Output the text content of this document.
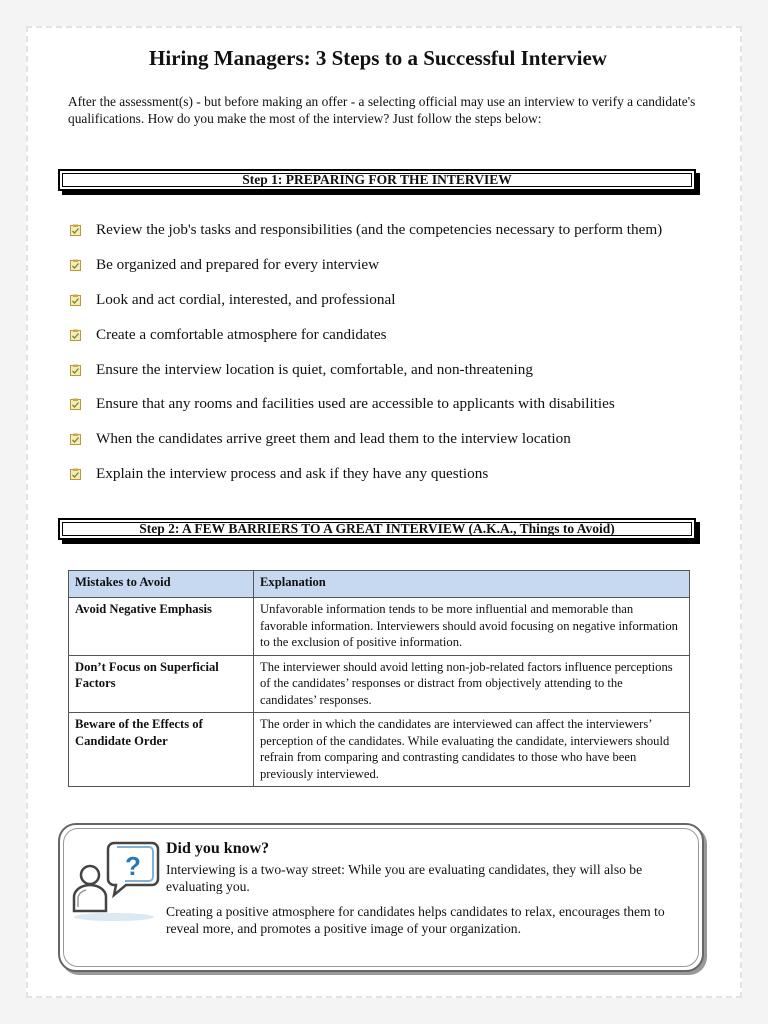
Hiring Managers: 3 Steps to a Successful Interview
After the assessment(s) - but before making an offer - a selecting official may use an interview to verify a candidate's qualifications. How do you make the most of the interview? Just follow the steps below:
Step 1: PREPARING FOR THE INTERVIEW
Review the job's tasks and responsibilities (and the competencies necessary to perform them)
Be organized and prepared for every interview
Look and act cordial, interested, and professional
Create a comfortable atmosphere for candidates
Ensure the interview location is quiet, comfortable, and non-threatening
Ensure that any rooms and facilities used are accessible to applicants with disabilities
When the candidates arrive greet them and lead them to the interview location
Explain the interview process and ask if they have any questions
Step 2: A FEW BARRIERS TO A GREAT INTERVIEW (A.K.A., Things to Avoid)
Mistakes to Avoid	Explanation
Avoid Negative Emphasis	Unfavorable information tends to be more influential and memorable than favorable information. Interviewers should avoid focusing on negative information to the exclusion of positive information.
Don’t Focus on Superficial Factors	The interviewer should avoid letting non-job-related factors influence perceptions of the candidates’ responses or distract from objectively attending to the candidates’ responses.
Beware of the Effects of Candidate Order	The order in which the candidates are interviewed can affect the interviewers’ perception of the candidates. While evaluating the candidate, interviewers should refrain from comparing and contrasting candidates to those who have been previously interviewed.
?
Did you know?

Interviewing is a two-way street: While you are evaluating candidates, they will also be evaluating you.

Creating a positive atmosphere for candidates helps candidates to relax, encourages them to reveal more, and promotes a positive image of your organization.
